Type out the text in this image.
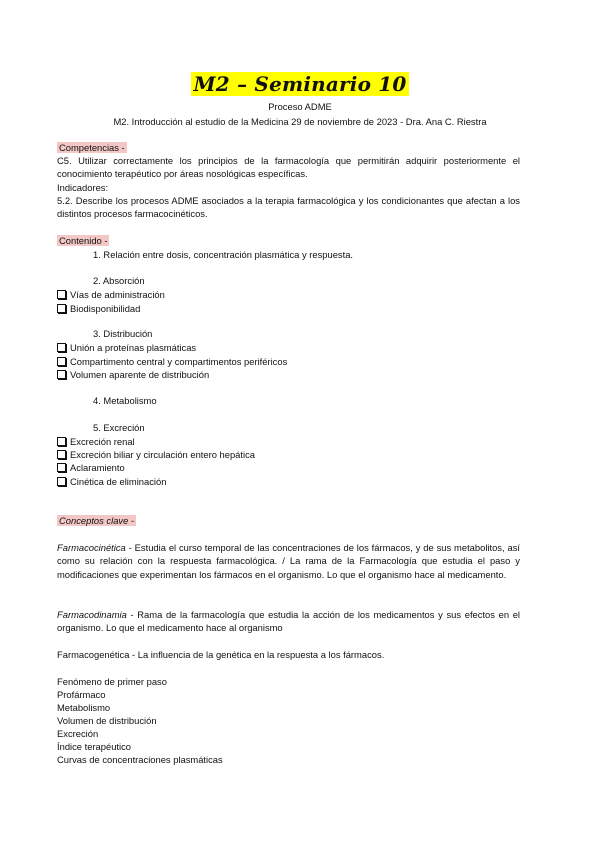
M2 – Seminario 10
Proceso ADME
M2. Introducción al estudio de la Medicina 29 de noviembre de 2023 - Dra. Ana C. Riestra
Competencias -
C5. Utilizar correctamente los principios de la farmacología que permitirán adquirir posteriormente el conocimiento terapéutico por áreas nosológicas específicas.
Indicadores:
5.2. Describe los procesos ADME asociados a la terapia farmacológica y los condicionantes que afectan a los distintos procesos farmacocinéticos.
Contenido -
1. Relación entre dosis, concentración plasmática y respuesta.
2. Absorción
Vías de administración
Biodisponibilidad
3. Distribución
Unión a proteínas plasmáticas
Compartimento central y compartimentos periféricos
Volumen aparente de distribución
4. Metabolismo
5. Excreción
Excreción renal
Excreción biliar y circulación entero hepática
Aclaramiento
Cinética de eliminación
Conceptos clave -
Farmacocinética - Estudia el curso temporal de las concentraciones de los fármacos, y de sus metabolitos, así como su relación con la respuesta farmacológica. / La rama de la Farmacología que estudia el paso y modificaciones que experimentan los fármacos en el organismo. Lo que el organismo hace al medicamento.
Farmacodinamia - Rama de la farmacología que estudia la acción de los medicamentos y sus efectos en el organismo. Lo que el medicamento hace al organismo
Farmacogenética - La influencia de la genética en la respuesta a los fármacos.
Fenómeno de primer paso
Profármaco
Metabolismo
Volumen de distribución
Excreción
Índice terapéutico
Curvas de concentraciones plasmáticas
